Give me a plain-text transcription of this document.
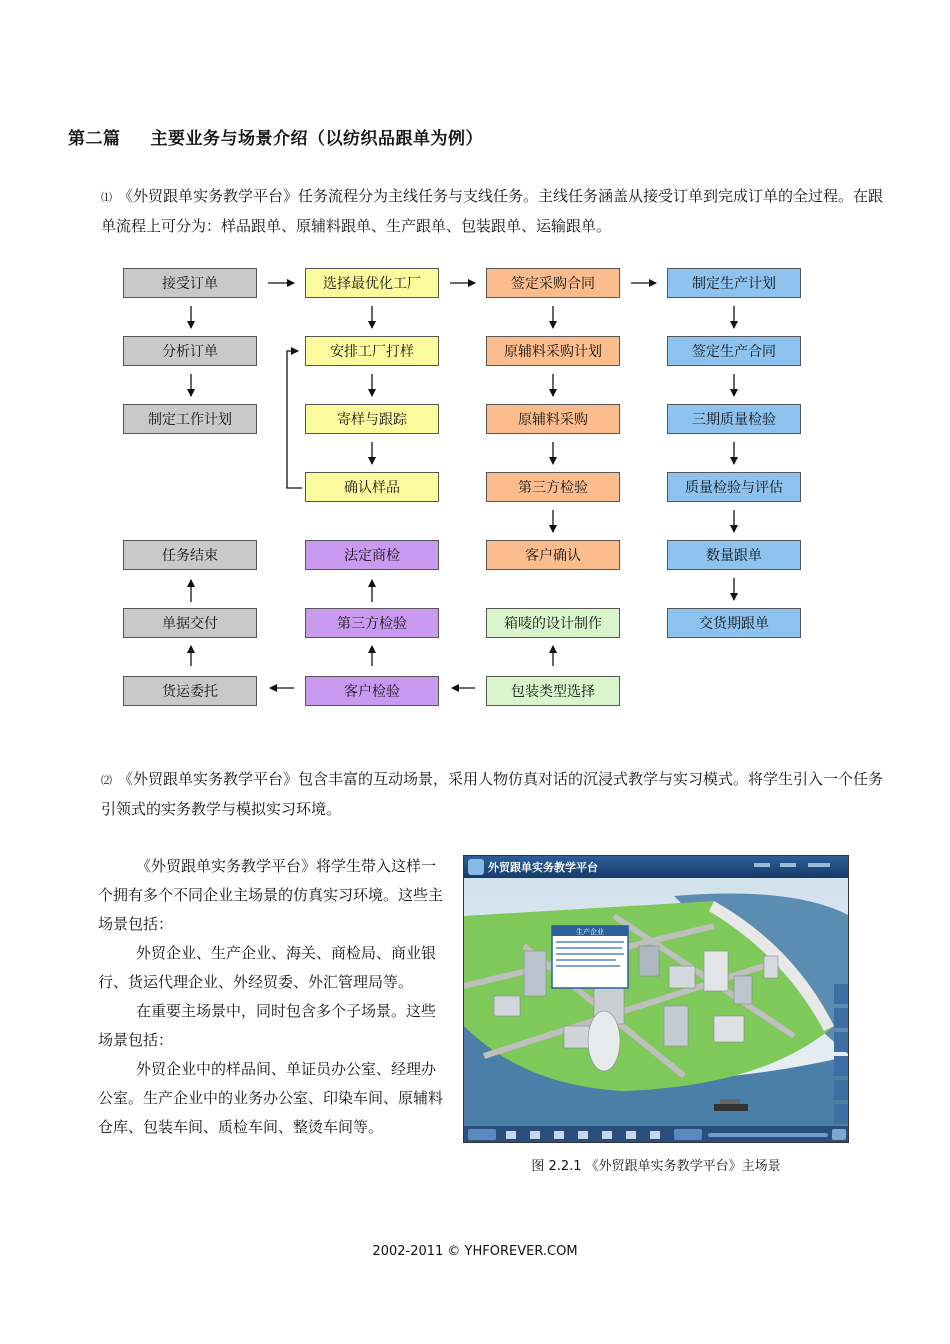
第二篇 主要业务与场景介绍（以纺织品跟单为例）
⑴ 《外贸跟单实务教学平台》任务流程分为主线任务与支线任务。主线任务涵盖从接受订单到完成订单的全过程。在跟单流程上可分为：样品跟单、原辅料跟单、生产跟单、包装跟单、运输跟单。
接受订单
分析订单
制定工作计划
选择最优化工厂
安排工厂打样
寄样与跟踪
确认样品
签定采购合同
原辅料采购计划
原辅料采购
第三方检验
客户确认
制定生产计划
签定生产合同
三期质量检验
质量检验与评估
数量跟单
交货期跟单
任务结束
单据交付
货运委托
法定商检
第三方检验
客户检验
箱唛的设计制作
包装类型选择
⑵ 《外贸跟单实务教学平台》包含丰富的互动场景，采用人物仿真对话的沉浸式教学与实习模式。将学生引入一个任务引领式的实务教学与模拟实习环境。

《外贸跟单实务教学平台》将学生带入这样一个拥有多个不同企业主场景的仿真实习环境。这些主场景包括：

外贸企业、生产企业、海关、商检局、商业银行、货运代理企业、外经贸委、外汇管理局等。

在重要主场景中，同时包含多个子场景。这些场景包括：

外贸企业中的样品间、单证员办公室、经理办公室。生产企业中的业务办公室、印染车间、原辅料仓库、包装车间、质检车间、整烫车间等。

生产企业
外贸跟单实务教学平台
图 2.2.1 《外贸跟单实务教学平台》主场景
2002-2011 © YHFOREVER.COM
